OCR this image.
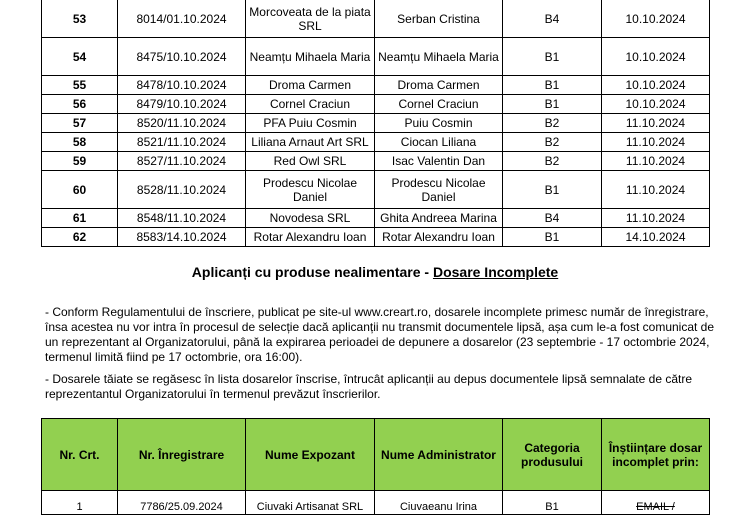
53	8014/01.10.2024	Morcoveata de la piata SRL	Serban Cristina	B4	10.10.2024
54	8475/10.10.2024	Neamțu Mihaela Maria	Neamțu Mihaela Maria	B1	10.10.2024
55	8478/10.10.2024	Droma Carmen	Droma Carmen	B1	10.10.2024
56	8479/10.10.2024	Cornel Craciun	Cornel Craciun	B1	10.10.2024
57	8520/11.10.2024	PFA Puiu Cosmin	Puiu Cosmin	B2	11.10.2024
58	8521/11.10.2024	Liliana Arnaut Art SRL	Ciocan Liliana	B2	11.10.2024
59	8527/11.10.2024	Red Owl SRL	Isac Valentin Dan	B2	11.10.2024
60	8528/11.10.2024	Prodescu Nicolae Daniel	Prodescu Nicolae Daniel	B1	11.10.2024
61	8548/11.10.2024	Novodesa SRL	Ghita Andreea Marina	B4	11.10.2024
62	8583/14.10.2024	Rotar Alexandru Ioan	Rotar Alexandru Ioan	B1	14.10.2024
Aplicanți cu produse nealimentare - Dosare Incomplete

- Conform Regulamentului de înscriere, publicat pe site-ul www.creart.ro, dosarele incomplete primesc număr de înregistrare, însa acestea nu vor intra în procesul de selecție dacă aplicanții nu transmit documentele lipsă, așa cum le-a fost comunicat de un reprezentant al Organizatorului, până la expirarea perioadei de depunere a dosarelor (23 septembrie - 17 octombrie 2024, termenul limită fiind pe 17 octombrie, ora 16:00).

- Dosarele tăiate se regăsesc în lista dosarelor înscrise, întrucât aplicanții au depus documentele lipsă semnalate de către reprezentantul Organizatorului în termenul prevăzut înscrierilor.

Nr. Crt.	Nr. Înregistrare	Nume Expozant	Nume Administrator	Categoria produsului	Înștiințare dosar incomplet prin:
1	7786/25.09.2024	Ciuvaki Artisanat SRL	Ciuvaeanu Irina	B1	EMAIL /
